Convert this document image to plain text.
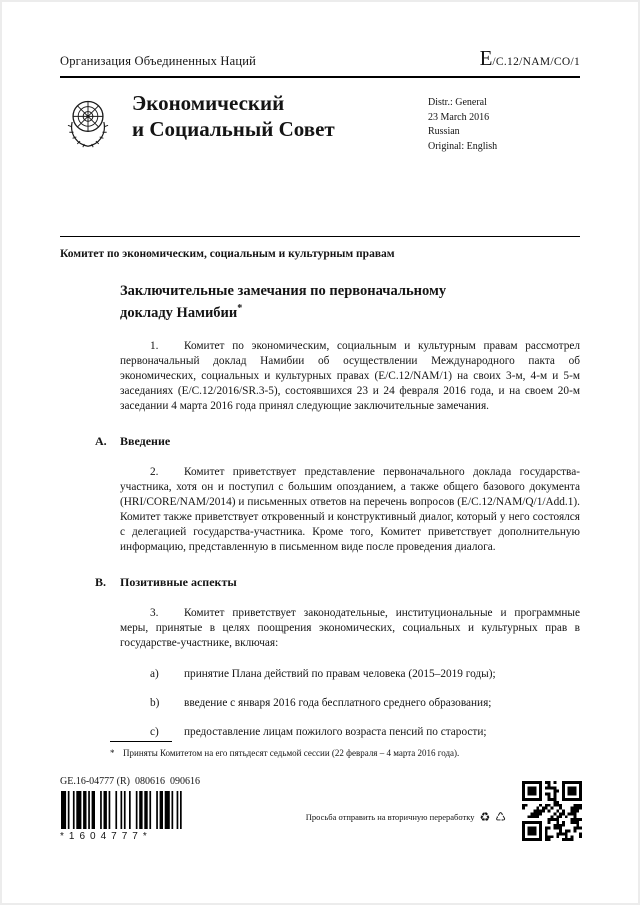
Организация Объединенных Наций	E /C.12/NAM/CO/1
Экономический
и Социальный Совет
Distr.: General
23 March 2016
Russian
Original: English
Комитет по экономическим, социальным и культурным правам
Заключительные замечания по первоначальному докладу Намибии*

1. Комитет по экономическим, социальным и культурным правам рассмотрел первоначальный доклад Намибии об осуществлении Международного пакта об экономических, социальных и культурных правах (E/C.12/NAM/1) на своих 3-м, 4-м и 5-м заседаниях (E/C.12/2016/SR.3-5), состоявшихся 23 и 24 февраля 2016 года, и на своем 20-м заседании 4 марта 2016 года принял следующие заключительные замечания.

A.	Введение

2. Комитет приветствует представление первоначального доклада государства-участника, хотя он и поступил с большим опозданием, а также общего базового документа (HRI/CORE/NAM/2014) и письменных ответов на перечень вопросов (E/C.12/NAM/Q/1/Add.1). Комитет также приветствует откровенный и конструктивный диалог, который у него состоялся с делегацией государства-участника. Кроме того, Комитет приветствует дополнительную информацию, представленную в письменном виде после проведения диалога.

B.	Позитивные аспекты

3. Комитет приветствует законодательные, институциональные и программные меры, принятые в целях поощрения экономических, социальных и культурных прав в государстве-участнике, включая:

a)	принятие Плана действий по правам человека (2015–2019 годы);
b)	введение с января 2016 года бесплатного среднего образования;
c)	предоставление лицам пожилого возраста пенсий по старости;
* Приняты Комитетом на его пятьдесят седьмой сессии (22 февраля – 4 марта 2016 года).
GE.16-04777 (R)  080616  090616
*1604777*
Просьба отправить на вторичную переработку ♻ ♺
